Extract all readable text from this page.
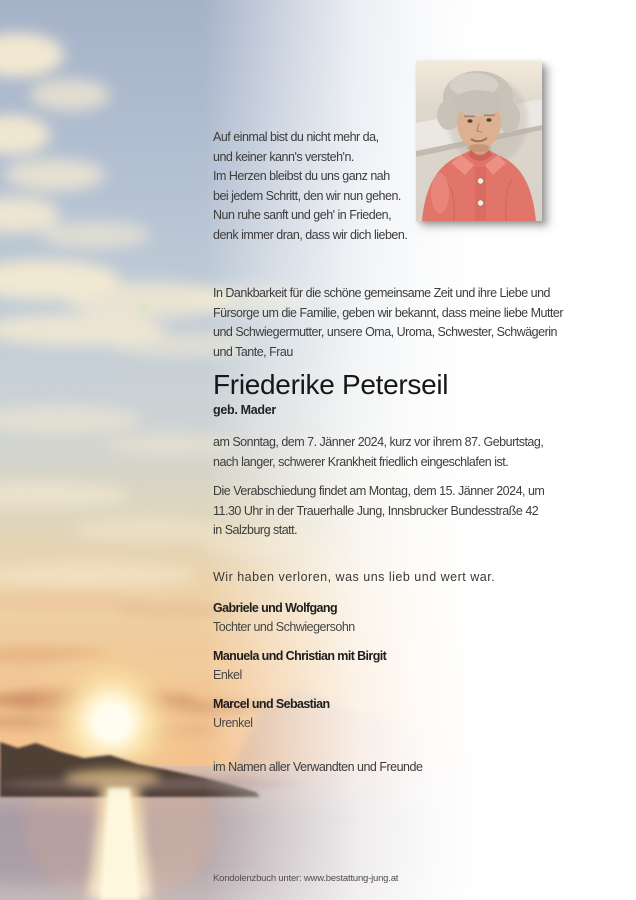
Auf einmal bist du nicht mehr da,
und keiner kann's versteh'n.
Im Herzen bleibst du uns ganz nah
bei jedem Schritt, den wir nun gehen.
Nun ruhe sanft und geh' in Frieden,
denk immer dran, dass wir dich lieben.
In Dankbarkeit für die schöne gemeinsame Zeit und ihre Liebe und
Fürsorge um die Familie, geben wir bekannt, dass meine liebe Mutter
und Schwiegermutter, unsere Oma, Uroma, Schwester, Schwägerin
und Tante, Frau
Friederike Peterseil
geb. Mader
am Sonntag, dem 7. Jänner 2024, kurz vor ihrem 87. Geburtstag,
nach langer, schwerer Krankheit friedlich eingeschlafen ist.
Die Verabschiedung findet am Montag, dem 15. Jänner 2024, um
11.30 Uhr in der Trauerhalle Jung, Innsbrucker Bundesstraße 42
in Salzburg statt.
Wir haben verloren, was uns lieb und wert war.
Gabriele und Wolfgang
Tochter und Schwiegersohn
Manuela und Christian mit Birgit
Enkel
Marcel und Sebastian
Urenkel
im Namen aller Verwandten und Freunde
Kondolenzbuch unter: www.bestattung-jung.at
